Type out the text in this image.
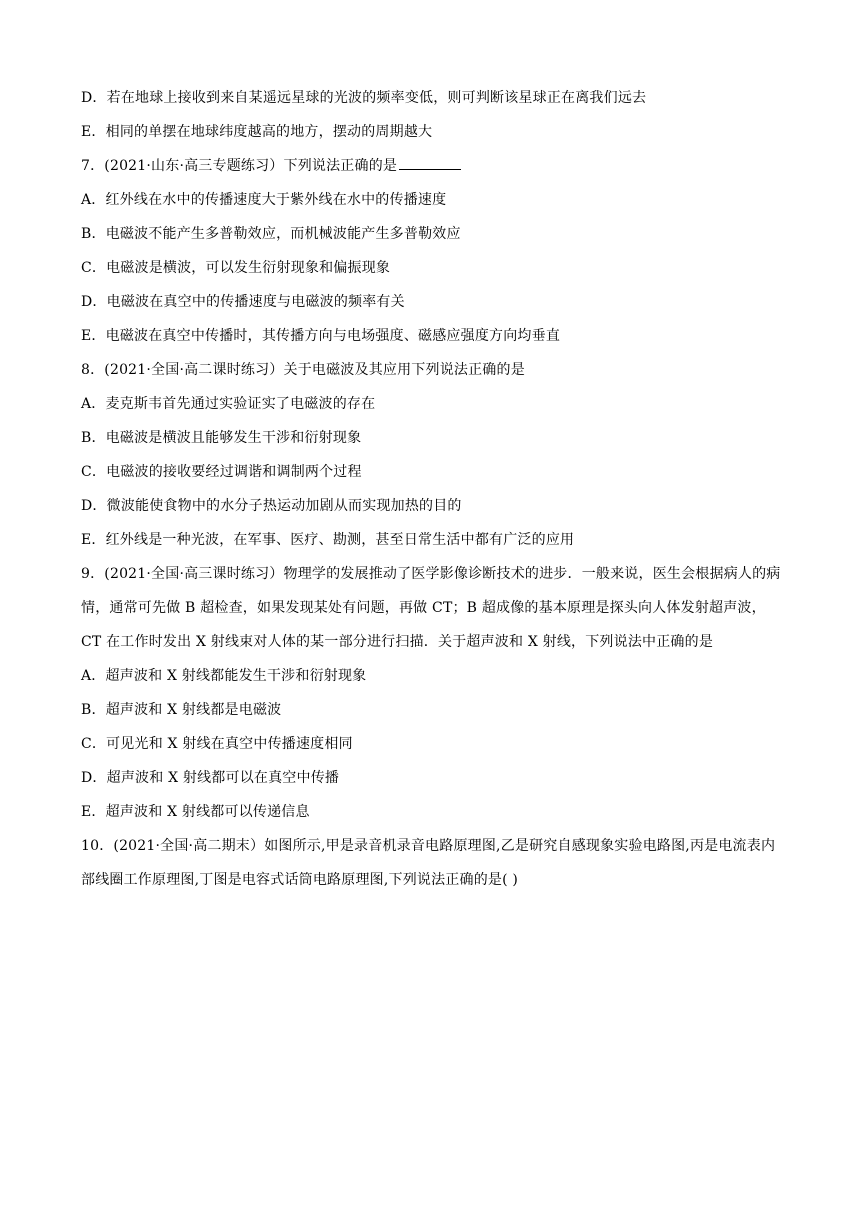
D．若在地球上接收到来自某遥远星球的光波的频率变低，则可判断该星球正在离我们远去
E．相同的单摆在地球纬度越高的地方，摆动的周期越大
7．(2021·山东·高三专题练习）下列说法正确的是
A．红外线在水中的传播速度大于紫外线在水中的传播速度
B．电磁波不能产生多普勒效应，而机械波能产生多普勒效应
C．电磁波是横波，可以发生衍射现象和偏振现象
D．电磁波在真空中的传播速度与电磁波的频率有关
E．电磁波在真空中传播时，其传播方向与电场强度、磁感应强度方向均垂直
8．(2021·全国·高二课时练习）关于电磁波及其应用下列说法正确的是
A．麦克斯韦首先通过实验证实了电磁波的存在
B．电磁波是横波且能够发生干涉和衍射现象
C．电磁波的接收要经过调谐和调制两个过程
D．微波能使食物中的水分子热运动加剧从而实现加热的目的
E．红外线是一种光波，在军事、医疗、勘测，甚至日常生活中都有广泛的应用
9．(2021·全国·高三课时练习）物理学的发展推动了医学影像诊断技术的进步．一般来说，医生会根据病人的病情，通常可先做 B 超检查，如果发现某处有问题，再做 CT；B 超成像的基本原理是探头向人体发射超声波，CT 在工作时发出 X 射线束对人体的某一部分进行扫描．关于超声波和 X 射线，下列说法中正确的是
A．超声波和 X 射线都能发生干涉和衍射现象
B．超声波和 X 射线都是电磁波
C．可见光和 X 射线在真空中传播速度相同
D．超声波和 X 射线都可以在真空中传播
E．超声波和 X 射线都可以传递信息
10．(2021·全国·高二期末）如图所示,甲是录音机录音电路原理图,乙是研究自感现象实验电路图,丙是电流表内部线圈工作原理图,丁图是电容式话筒电路原理图,下列说法正确的是( )
